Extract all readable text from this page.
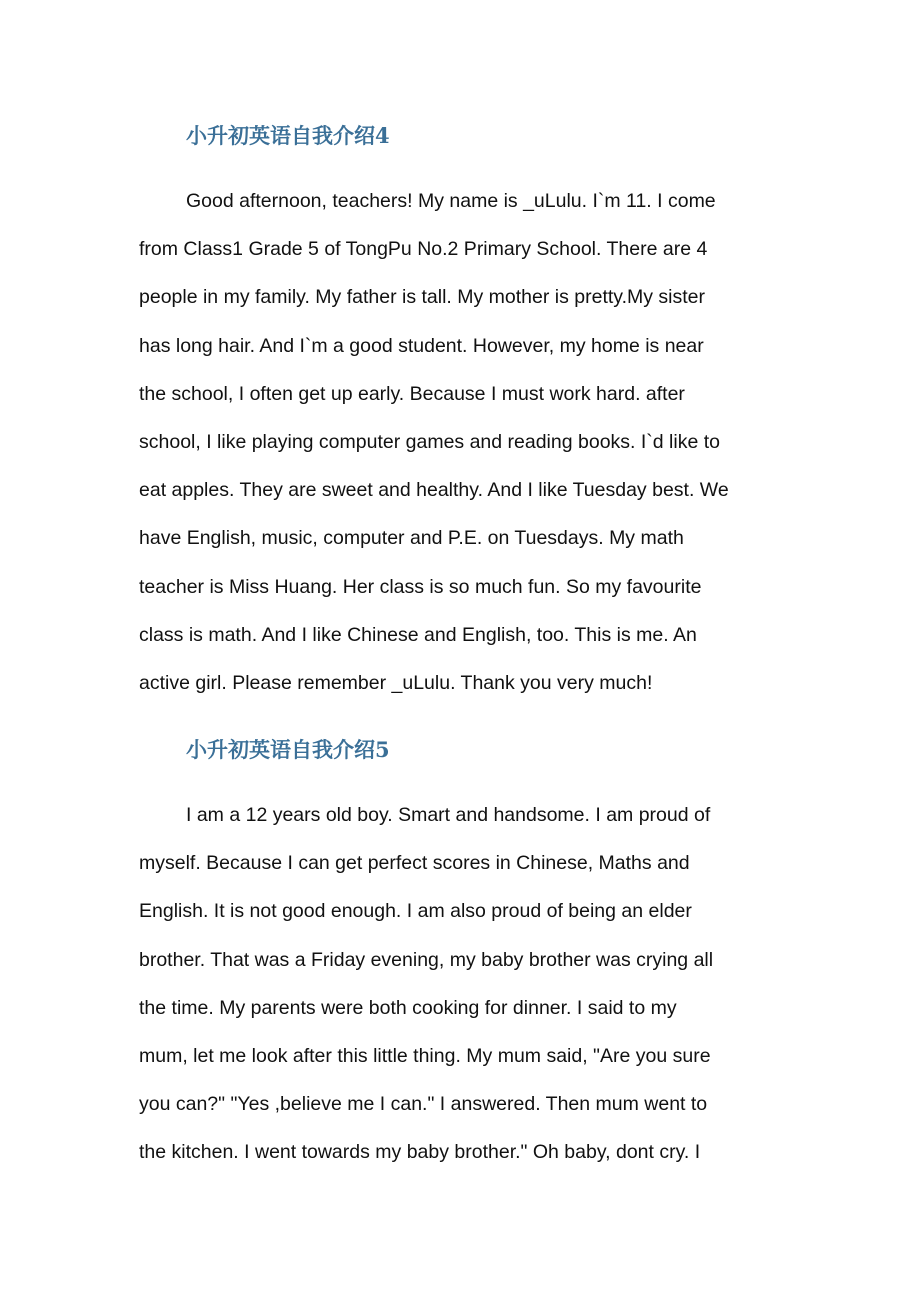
小升初英语自我介绍4
Good afternoon, teachers! My name is _uLulu. I`m 11. I come
from Class1 Grade 5 of TongPu No.2 Primary School. There are 4
people in my family. My father is tall. My mother is pretty.My sister
has long hair. And I`m a good student. However, my home is near
the school, I often get up early. Because I must work hard. after
school, I like playing computer games and reading books. I`d like to
eat apples. They are sweet and healthy. And I like Tuesday best. We
have English, music, computer and P.E. on Tuesdays. My math
teacher is Miss Huang. Her class is so much fun. So my favourite
class is math. And I like Chinese and English, too. This is me. An
active girl. Please remember _uLulu. Thank you very much!
小升初英语自我介绍5
I am a 12 years old boy. Smart and handsome. I am proud of
myself. Because I can get perfect scores in Chinese, Maths and
English. It is not good enough. I am also proud of being an elder
brother. That was a Friday evening, my baby brother was crying all
the time. My parents were both cooking for dinner. I said to my
mum, let me look after this little thing. My mum said, "Are you sure
you can?" "Yes ,believe me I can." I answered. Then mum went to
the kitchen. I went towards my baby brother." Oh baby, dont cry. I
